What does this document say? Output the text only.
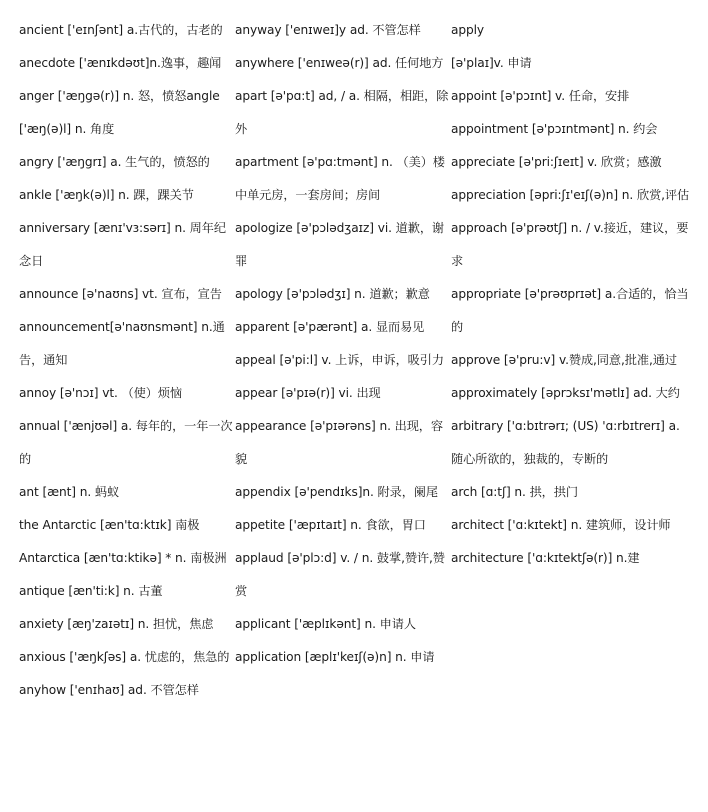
ancient ['eɪnʃənt] a.古代的，古老的

anecdote ['ænɪkdəʊt]n.逸事，趣闻

anger ['æŋgə(r)] n. 怒，愤怒angle ['æŋ(ə)l] n. 角度

angry ['æŋgrɪ] a. 生气的，愤怒的

ankle ['æŋk(ə)l] n. 踝，踝关节

anniversary [ænɪ'vɜ:sərɪ] n. 周年纪念日

announce [ə'naʊns] vt. 宣布，宣告

announcement[ə'naʊnsmənt] n.通告，通知

annoy [ə'nɔɪ] vt. （使）烦恼

annual ['ænjʊəl] a. 每年的，一年一次的

ant [ænt] n. 蚂蚁

the Antarctic [æn'tɑ:ktɪk] 南极

Antarctica [æn'tɑ:ktikə] * n. 南极洲

antique [æn'ti:k] n. 古董

anxiety [æŋ'zaɪətɪ] n. 担忧，焦虑

anxious ['æŋkʃəs] a. 忧虑的，焦急的

anyhow ['enɪhaʊ] ad. 不管怎样

anyway ['enɪweɪ]y ad. 不管怎样

anywhere ['enɪweə(r)] ad. 任何地方

apart [ə'pɑ:t] ad, / a. 相隔，相距，除外

apartment [ə'pɑ:tmənt] n. （美）楼中单元房，一套房间；房间

apologize [ə'pɔlədʒaɪz] vi. 道歉，谢罪

apology [ə'pɔlədʒɪ] n. 道歉；歉意

apparent [ə'pærənt] a. 显而易见

appeal [ə'pi:l] v. 上诉，申诉，吸引力

appear [ə'pɪə(r)] vi. 出现

appearance [ə'pɪərəns] n. 出现，容貌

appendix [ə'pendɪks]n. 附录，阑尾

appetite ['æpɪtaɪt] n. 食欲，胃口

applaud [ə'plɔ:d] v. / n. 鼓掌,赞许,赞赏

applicant ['æplɪkənt] n. 申请人

application [æplɪ'keɪʃ(ə)n] n. 申请

apply

[ə'plaɪ]v. 申请

appoint [ə'pɔɪnt] v. 任命，安排

appointment [ə'pɔɪntmənt] n. 约会

appreciate [ə'pri:ʃɪeɪt] v. 欣赏；感激

appreciation [əpri:ʃɪ'eɪʃ(ə)n] n. 欣赏,评估

approach [ə'prəʊtʃ] n. / v.接近，建议，要求

appropriate [ə'prəʊprɪət] a.合适的，恰当的

approve [ə'pru:v] v.赞成,同意,批准,通过

approximately [əprɔksɪ'mətlɪ] ad. 大约

arbitrary ['ɑ:bɪtrərɪ; (US) 'ɑ:rbɪtrerɪ] a. 随心所欲的，独裁的，专断的

arch [ɑ:tʃ] n. 拱，拱门

architect ['ɑ:kɪtekt] n. 建筑师，设计师

architecture ['ɑ:kɪtektʃə(r)] n.建
